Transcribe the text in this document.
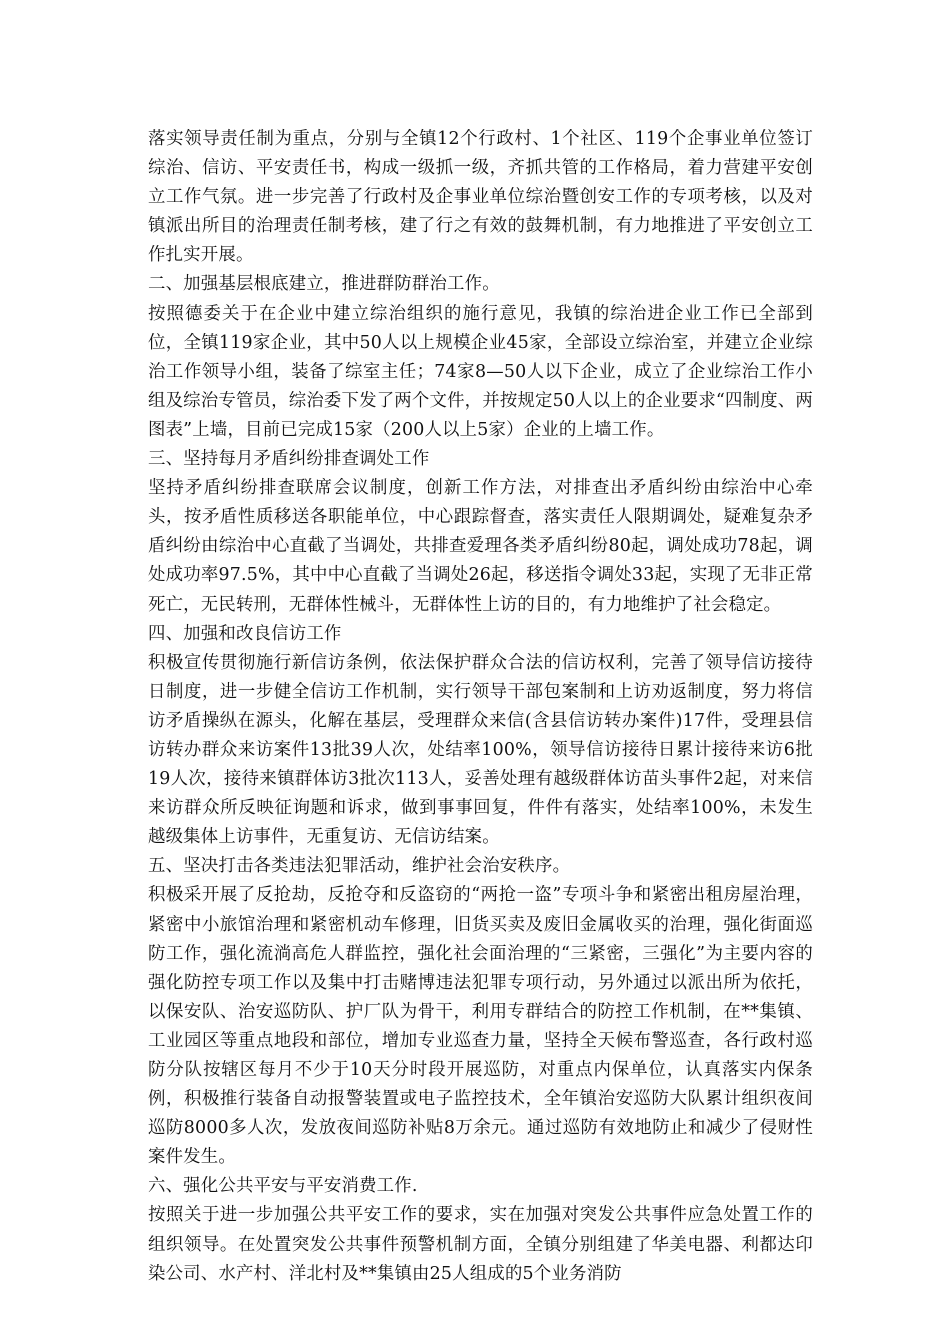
落实领导责任制为重点，分别与全镇12个行政村、1个社区、119个企事业单位签订综治、信访、平安责任书，构成一级抓一级，齐抓共管的工作格局，着力营建平安创立工作气氛。进一步完善了行政村及企事业单位综治暨创安工作的专项考核，以及对镇派出所目的治理责任制考核，建了行之有效的鼓舞机制，有力地推进了平安创立工作扎实开展。

二、加强基层根底建立，推进群防群治工作。

按照德委关于在企业中建立综治组织的施行意见，我镇的综治进企业工作已全部到位，全镇119家企业，其中50人以上规模企业45家，全部设立综治室，并建立企业综治工作领导小组，装备了综室主任；74家8—50人以下企业，成立了企业综治工作小组及综治专管员，综治委下发了两个文件，并按规定50人以上的企业要求“四制度、两图表”上墙，目前已完成15家（200人以上5家）企业的上墙工作。

三、坚持每月矛盾纠纷排查调处工作

坚持矛盾纠纷排查联席会议制度，创新工作方法，对排查出矛盾纠纷由综治中心牵头，按矛盾性质移送各职能单位，中心跟踪督查，落实责任人限期调处，疑难复杂矛盾纠纷由综治中心直截了当调处，共排查爱理各类矛盾纠纷80起，调处成功78起，调处成功率97.5%，其中中心直截了当调处26起，移送指令调处33起，实现了无非正常死亡，无民转刑，无群体性械斗，无群体性上访的目的，有力地维护了社会稳定。

四、加强和改良信访工作

积极宣传贯彻施行新信访条例，依法保护群众合法的信访权利，完善了领导信访接待日制度，进一步健全信访工作机制，实行领导干部包案制和上访劝返制度，努力将信访矛盾操纵在源头，化解在基层，受理群众来信(含县信访转办案件)17件，受理县信访转办群众来访案件13批39人次，处结率100%，领导信访接待日累计接待来访6批19人次，接待来镇群体访3批次113人，妥善处理有越级群体访苗头事件2起，对来信来访群众所反映征询题和诉求，做到事事回复，件件有落实，处结率100%，未发生越级集体上访事件，无重复访、无信访结案。

五、坚决打击各类违法犯罪活动，维护社会治安秩序。

积极采开展了反抢劫，反抢夺和反盗窃的“两抢一盗”专项斗争和紧密出租房屋治理，紧密中小旅馆治理和紧密机动车修理，旧货买卖及废旧金属收买的治理，强化街面巡防工作，强化流淌高危人群监控，强化社会面治理的“三紧密，三强化”为主要内容的强化防控专项工作以及集中打击赌博违法犯罪专项行动，另外通过以派出所为依托，以保安队、治安巡防队、护厂队为骨干，利用专群结合的防控工作机制，在**集镇、工业园区等重点地段和部位，增加专业巡查力量，坚持全天候布警巡查，各行政村巡防分队按辖区每月不少于10天分时段开展巡防，对重点内保单位，认真落实内保条例，积极推行装备自动报警装置或电子监控技术，全年镇治安巡防大队累计组织夜间巡防8000多人次，发放夜间巡防补贴8万余元。通过巡防有效地防止和减少了侵财性案件发生。

六、强化公共平安与平安消费工作.

按照关于进一步加强公共平安工作的要求，实在加强对突发公共事件应急处置工作的组织领导。在处置突发公共事件预警机制方面，全镇分别组建了华美电器、利都达印染公司、水产村、洋北村及**集镇由25人组成的5个业务消防
